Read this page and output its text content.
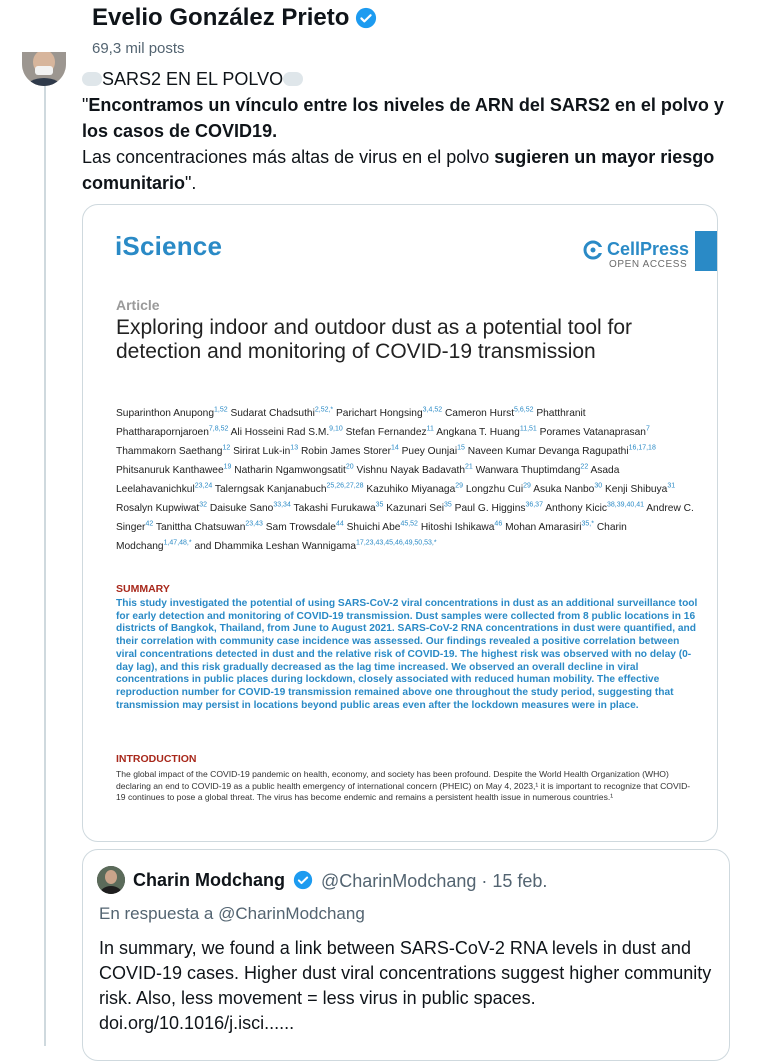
Evelio González Prieto
69,3 mil posts

SARS2 EN EL POLVO

"Encontramos un vínculo entre los niveles de ARN del SARS2 en el polvo y los casos de COVID19.

Las concentraciones más altas de virus en el polvo sugieren un mayor riesgo comunitario".

iScience	CellPress
OPEN ACCESS
Article
Exploring indoor and outdoor dust as a potential tool for detection and monitoring of COVID-19 transmission
Suparinthon Anupong$^{1,52}$ Sudarat Chadsuthi$^{2,52,*}$ Parichart Hongsing$^{3,4,52}$ Cameron Hurst$^{5,6,52}$ Phatthranit Phattharapornjaroen$^{7,8,52}$ Ali Hosseini Rad S.M.$^{9,10}$ Stefan Fernandez$^{11}$ Angkana T. Huang$^{11,51}$ Porames Vatanaprasan$^7$ Thammakorn Saethang$^{12}$ Sirirat Luk-$in^{13}$ Robin James Storer$^{14}$ Puey Ounjai$^{15}$ Naveen Kumar Devanga Ragupathi$^{16,17,18}$ Phitsanuruk Kanthawee$^{19}$ Natharin Ngamwongsatit$^{20}$ Vishnu Nayak Badavath$^{21}$ Wanwara Thuptimdang$^{22}$ Asada Leelahavanichkul$^{23,24}$ Talerngsak Kanjanabuch$^{25,26,27,28}$ Kazuhiko Miyanaga$^{29}$ Longzhu Cui$^{29}$ Asuka Nanbo$^{30}$ Kenji Shibuya$^{31}$ Rosalyn Kupwiwat$^{32}$ Daisuke Sano$^{33,34}$ Takashi Furukawa$^{35}$ Kazunari Sei$^{35}$ Paul G. Higgins$^{36,37}$ Anthony Kicic$^{38,39,40,41}$ Andrew C. Singer$^{42}$ Tanittha Chatsuwan$^{23,43}$ Sam Trowsdale$^{44}$ Shuichi Abe$^{45,52}$ Hitoshi Ishikawa$^{46}$ Mohan Amarasiri$^{35,*}$ Charin Modchang$^{1,47,48,*}$ and Dhammika Leshan Wannigama$^{17,23,43,45,46,49,50,53,*}$
SUMMARY
This study investigated the potential of using SARS-CoV-2 viral concentrations in dust as an additional surveillance tool for early detection and monitoring of COVID-19 transmission. Dust samples were collected from 8 public locations in 16 districts of Bangkok, Thailand, from June to August 2021. SARS-CoV-2 RNA concentrations in dust were quantified, and their correlation with community case incidence was assessed. Our findings revealed a positive correlation between viral concentrations detected in dust and the relative risk of COVID-19. The highest risk was observed with no delay (0-day lag), and this risk gradually decreased as the lag time increased. We observed an overall decline in viral concentrations in public places during lockdown, closely associated with reduced human mobility. The effective reproduction number for COVID-19 transmission remained above one throughout the study period, suggesting that transmission may persist in locations beyond public areas even after the lockdown measures were in place.
INTRODUCTION
The global impact of the COVID-19 pandemic on health, economy, and society has been profound. Despite the World Health Organization (WHO) declaring an end to COVID-19 as a public health emergency of international concern (PHEIC) on May 4, 2023,¹ it is important to recognize that COVID-19 continues to pose a global threat. The virus has become endemic and remains a persistent health issue in numerous countries.¹
Charin Modchang @CharinModchang · 15 feb.
En respuesta a @CharinModchang
In summary, we found a link between SARS-CoV-2 RNA levels in dust and COVID-19 cases. Higher dust viral concentrations suggest higher community risk. Also, less movement = less virus in public spaces. doi.org/10.1016/j.isci......
